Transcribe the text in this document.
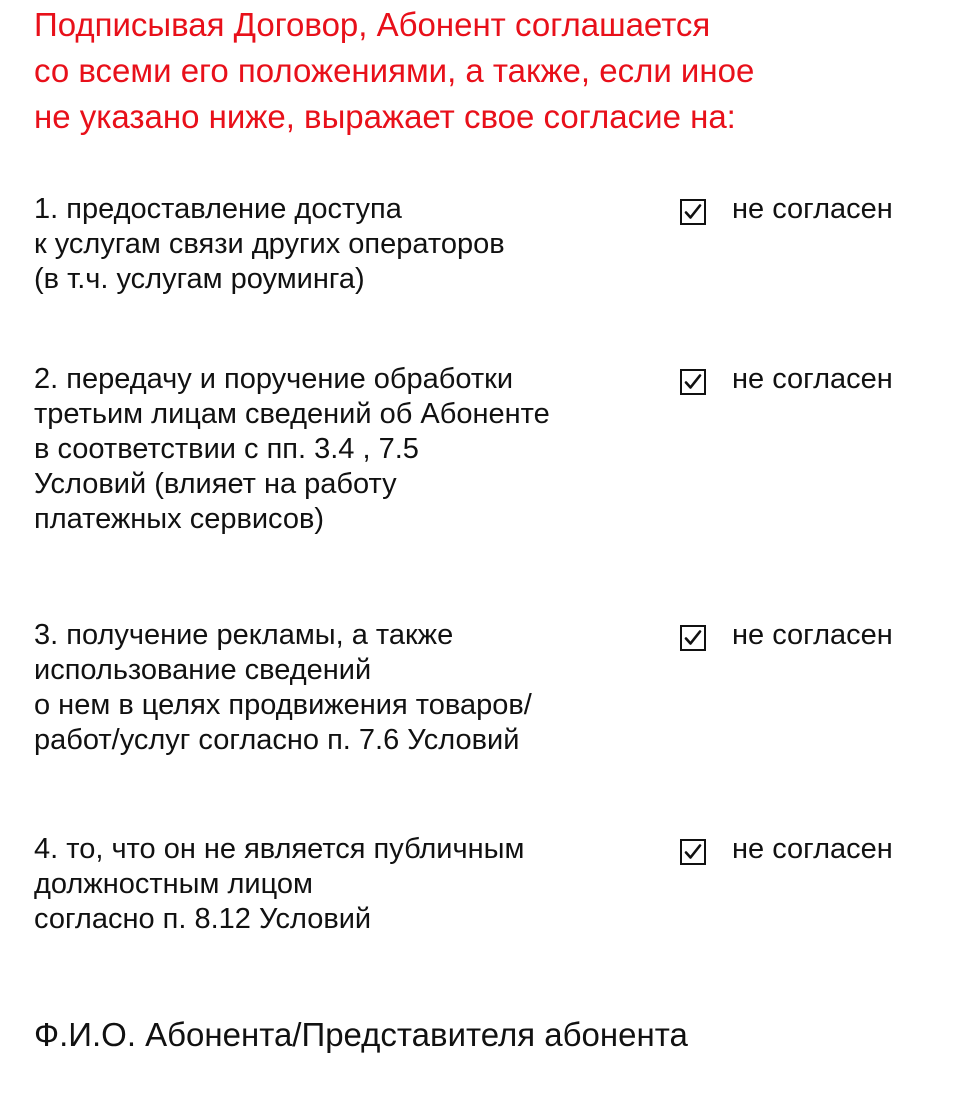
Подписывая Договор, Абонент соглашается
со всеми его положениями, а также, если иное
не указано ниже, выражает свое согласие на:
1. предоставление доступа
к услугам связи других операторов
(в т.ч. услугам роуминга)
не согласен
2. передачу и поручение обработки
третьим лицам сведений об Абоненте
в соответствии с пп. 3.4 , 7.5
Условий (влияет на работу
платежных сервисов)
не согласен
3. получение рекламы, а также
использование сведений
о нем в целях продвижения товаров/
работ/услуг согласно п. 7.6 Условий
не согласен
4. то, что он не является публичным
должностным лицом
согласно п. 8.12 Условий
не согласен
Ф.И.О. Абонента/Представителя абонента
